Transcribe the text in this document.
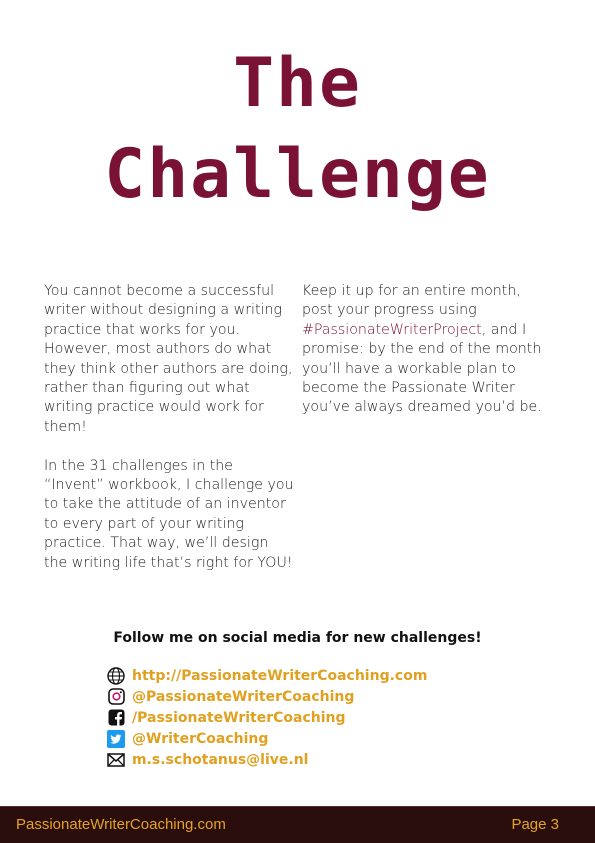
The
Challenge

You cannot become a successful writer without designing a writing practice that works for you. However, most authors do what they think other authors are doing, rather than figuring out what writing practice would work for them!

In the 31 challenges in the “Invent” workbook, I challenge you to take the attitude of an inventor to every part of your writing practice. That way, we’ll design the writing life that’s right for YOU!

Keep it up for an entire month, post your progress using #PassionateWriterProject, and I promise: by the end of the month you’ll have a workable plan to become the Passionate Writer you’ve always dreamed you’d be.

Follow me on social media for new challenges!
http://PassionateWriterCoaching.com
@PassionateWriterCoaching
/PassionateWriterCoaching
@WriterCoaching
m.s.schotanus@live.nl
PassionateWriterCoaching.com	Page 3
